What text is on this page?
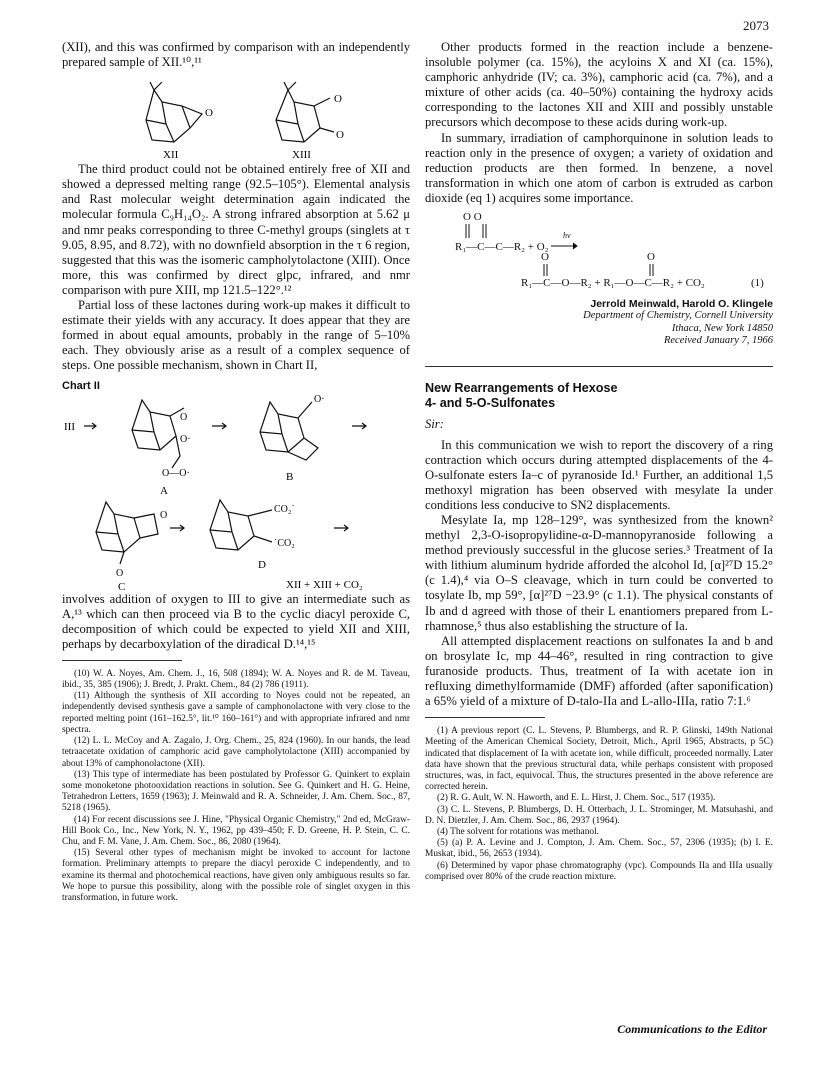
2073

(XII), and this was confirmed by comparison with an independently prepared sample of XII.¹⁰,¹¹

O
O
O
XII	XIII

The third product could not be obtained entirely free of XII and showed a depressed melting range (92.5–105°). Elemental analysis and Rast molecular weight determination again indicated the molecular formula C₉H₁₄O₂. A strong infrared absorption at 5.62 μ and nmr peaks corresponding to three C-methyl groups (singlets at τ 9.05, 8.95, and 8.72), with no downfield absorption in the τ 6 region, suggested that this was the isomeric campholytolactone (XIII). Once more, this was confirmed by direct glpc, infrared, and nmr comparison with pure XIII, mp 121.5–122°.¹²

Partial loss of these lactones during work-up makes it difficult to estimate their yields with any accuracy. It does appear that they are formed in about equal amounts, probably in the range of 5–10% each. They obviously arise as a result of a complex sequence of steps. One possible mechanism, shown in Chart II,

Chart II
III
O
O·
O—O·
O·
A
B
O
O
CO₂˙
˙CO₂
C
D
XII + XIII + CO₂

involves addition of oxygen to III to give an intermediate such as A,¹³ which can then proceed via B to the cyclic diacyl peroxide C, decomposition of which could be expected to yield XII and XIII, perhaps by decarboxylation of the diradical D.¹⁴,¹⁵

(10) W. A. Noyes, Am. Chem. J., 16, 508 (1894); W. A. Noyes and R. de M. Taveau, ibid., 35, 385 (1906); J. Bredt, J. Prakt. Chem., 84 (2) 786 (1911).

(11) Although the synthesis of XII according to Noyes could not be repeated, an independently devised synthesis gave a sample of camphonolactone with very close to the reported melting point (161–162.5°, lit.¹⁰ 160–161°) and with appropriate infrared and nmr spectra.

(12) L. L. McCoy and A. Zagalo, J. Org. Chem., 25, 824 (1960). In our hands, the lead tetraacetate oxidation of camphoric acid gave campholytolactone (XIII) accompanied by about 13% of camphonolactone (XII).

(13) This type of intermediate has been postulated by Professor G. Quinkert to explain some monoketone photooxidation reactions in solution. See G. Quinkert and H. G. Heine, Tetrahedron Letters, 1659 (1963); J. Meinwald and R. A. Schneider, J. Am. Chem. Soc., 87, 5218 (1965).

(14) For recent discussions see J. Hine, "Physical Organic Chemistry," 2nd ed, McGraw-Hill Book Co., Inc., New York, N. Y., 1962, pp 439–450; F. D. Greene, H. P. Stein, C. C. Chu, and F. M. Vane, J. Am. Chem. Soc., 86, 2080 (1964).

(15) Several other types of mechanism might be invoked to account for lactone formation. Preliminary attempts to prepare the diacyl peroxide C independently, and to examine its thermal and photochemical reactions, have given only ambiguous results so far. We hope to pursue this possibility, along with the possible role of singlet oxygen in this transformation, in future work.

Other products formed in the reaction include a benzene-insoluble polymer (ca. 15%), the acyloins X and XI (ca. 15%), camphoric anhydride (IV; ca. 3%), camphoric acid (ca. 7%), and a mixture of other acids (ca. 40–50%) containing the hydroxy acids corresponding to the lactones XII and XIII and possibly unstable precursors which decompose to these acids during work-up.

In summary, irradiation of camphorquinone in solution leads to reaction only in the presence of oxygen; a variety of oxidation and reduction products are then formed. In benzene, a novel transformation in which one atom of carbon is extruded as carbon dioxide (eq 1) acquires some importance.

O O
R₁—C—C—R₂ + O₂
hν
O	O
R₁—C—O—R₂ + R₁—O—C—R₂ + CO₂	(1)

Jerrold Meinwald, Harold O. Klingele

Department of Chemistry, Cornell University

Ithaca, New York 14850

Received January 7, 1966

New Rearrangements of Hexose

4- and 5-O-Sulfonates

Sir:

In this communication we wish to report the discovery of a ring contraction which occurs during attempted displacements of the 4-O-sulfonate esters Ia–c of pyranoside Id.¹ Further, an additional 1,5 methoxyl migration has been observed with mesylate Ia under conditions less conducive to SN2 displacements.

Mesylate Ia, mp 128–129°, was synthesized from the known² methyl 2,3-O-isopropylidine-α-D-mannopyranoside following a method previously successful in the glucose series.³ Treatment of Ia with lithium aluminum hydride afforded the alcohol Id, [α]²⁷D 15.2° (c 1.4),⁴ via O–S cleavage, which in turn could be converted to tosylate Ib, mp 59°, [α]²⁷D −23.9° (c 1.1). The physical constants of Ib and d agreed with those of their L enantiomers prepared from L-rhamnose,⁵ thus also establishing the structure of Ia.

All attempted displacement reactions on sulfonates Ia and b and on brosylate Ic, mp 44–46°, resulted in ring contraction to give furanoside products. Thus, treatment of Ia with acetate ion in refluxing dimethylformamide (DMF) afforded (after saponification) a 65% yield of a mixture of D-talo-IIa and L-allo-IIIa, ratio 7:1.⁶

(1) A previous report (C. L. Stevens, P. Blumbergs, and R. P. Glinski, 149th National Meeting of the American Chemical Society, Detroit, Mich., April 1965, Abstracts, p 5C) indicated that displacement of Ia with acetate ion, while difficult, proceeded normally. Later data have shown that the previous structural data, while perhaps consistent with proposed structures, was, in fact, equivocal. Thus, the structures presented in the above reference are corrected herein.

(2) R. G. Ault, W. N. Haworth, and E. L. Hirst, J. Chem. Soc., 517 (1935).

(3) C. L. Stevens, P. Blumbergs, D. H. Otterbach, J. L. Strominger, M. Matsuhashi, and D. N. Dietzler, J. Am. Chem. Soc., 86, 2937 (1964).

(4) The solvent for rotations was methanol.

(5) (a) P. A. Levine and J. Compton, J. Am. Chem. Soc., 57, 2306 (1935); (b) I. E. Muskat, ibid., 56, 2653 (1934).

(6) Determined by vapor phase chromatography (vpc). Compounds IIa and IIIa usually comprised over 80% of the crude reaction mixture.

Communications to the Editor
